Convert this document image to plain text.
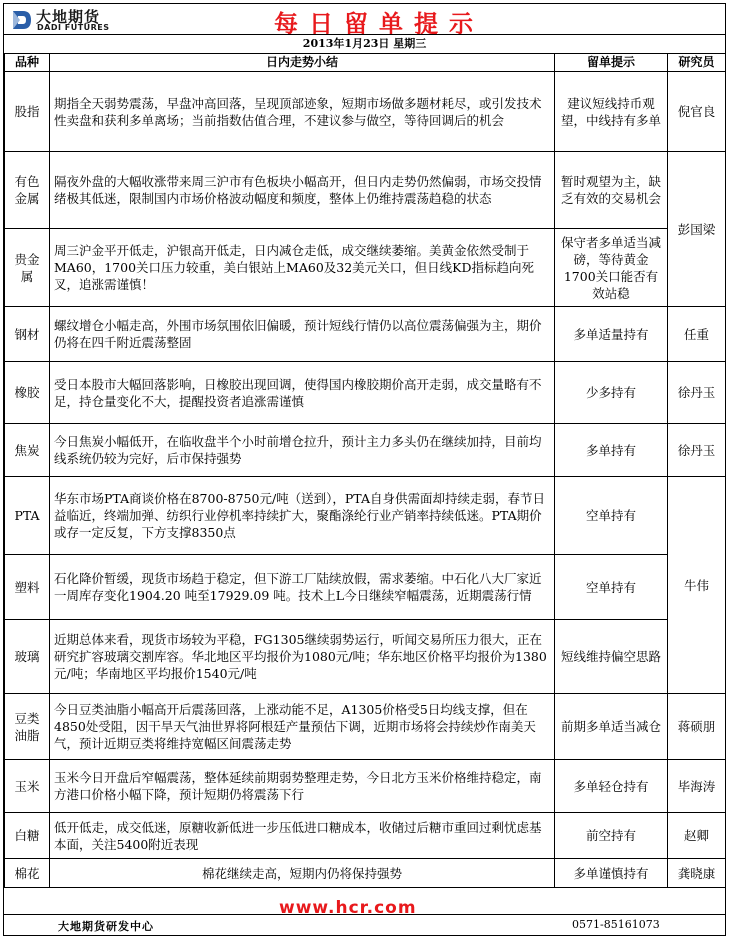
大地期货
DADI FUTURES	每日留单提示
2013年1月23日 星期三
品种	日内走势小结	留单提示	研究员
股指	期指全天弱势震荡，早盘冲高回落，呈现顶部迹象，短期市场做多题材耗尽，或引发技术性卖盘和获利多单离场；当前指数估值合理，不建议参与做空，等待回调后的机会	建议短线持币观望，中线持有多单	倪官良
有色金属	隔夜外盘的大幅收涨带来周三沪市有色板块小幅高开，但日内走势仍然偏弱，市场交投情绪极其低迷，限制国内市场价格波动幅度和频度，整体上仍维持震荡趋稳的状态	暂时观望为主，缺乏有效的交易机会	彭国梁
贵金属	周三沪金平开低走，沪银高开低走，日内减仓走低，成交继续萎缩。美黄金依然受制于MA60，1700关口压力较重，美白银站上MA60及32美元关口，但日线KD指标趋向死叉，追涨需谨慎！	保守者多单适当减磅，等待黄金1700关口能否有效站稳	
钢材	螺纹增仓小幅走高，外围市场氛围依旧偏暖，预计短线行情仍以高位震荡偏强为主，期价仍将在四千附近震荡整固	多单适量持有	任重
橡胶	受日本股市大幅回落影响，日橡胶出现回调，使得国内橡胶期价高开走弱，成交量略有不足，持仓量变化不大，提醒投资者追涨需谨慎	少多持有	徐丹玉
焦炭	今日焦炭小幅低开，在临收盘半个小时前增仓拉升，预计主力多头仍在继续加持，目前均线系统仍较为完好，后市保持强势	多单持有	徐丹玉
PTA	华东市场PTA商谈价格在8700-8750元/吨（送到），PTA自身供需面却持续走弱，春节日益临近，终端加弹、纺织行业停机率持续扩大，聚酯涤纶行业产销率持续低迷。PTA期价或存一定反复，下方支撑8350点	空单持有	牛伟
塑料	石化降价暂缓，现货市场趋于稳定，但下游工厂陆续放假，需求萎缩。中石化八大厂家近一周库存变化1904.20 吨至17929.09 吨。技术上L今日继续窄幅震荡，近期震荡行情	空单持有	
玻璃	近期总体来看，现货市场较为平稳，FG1305继续弱势运行，听闻交易所压力很大，正在研究扩容玻璃交割库容。华北地区平均报价为1080元/吨；华东地区价格平均报价为1380元/吨；华南地区平均报价1540元/吨	短线维持偏空思路	
豆类油脂	今日豆类油脂小幅高开后震荡回落，上涨动能不足，A1305价格受5日均线支撑，但在4850处受阻，因干旱天气油世界将阿根廷产量预估下调，近期市场将会持续炒作南美天气，预计近期豆类将维持宽幅区间震荡走势	前期多单适当减仓	蒋硕朋
玉米	玉米今日开盘后窄幅震荡，整体延续前期弱势整理走势，今日北方玉米价格维持稳定，南方港口价格小幅下降，预计短期仍将震荡下行	多单轻仓持有	毕海涛
白糖	低开低走，成交低迷，原糖收新低进一步压低进口糖成本，收储过后糖市重回过剩忧虑基本面，关注5400附近表现	前空持有	赵卿
棉花	棉花继续走高，短期内仍将保持强势	多单谨慎持有	龚晓康
大地期货研发中心	0571-85161073
www.hcr.com
